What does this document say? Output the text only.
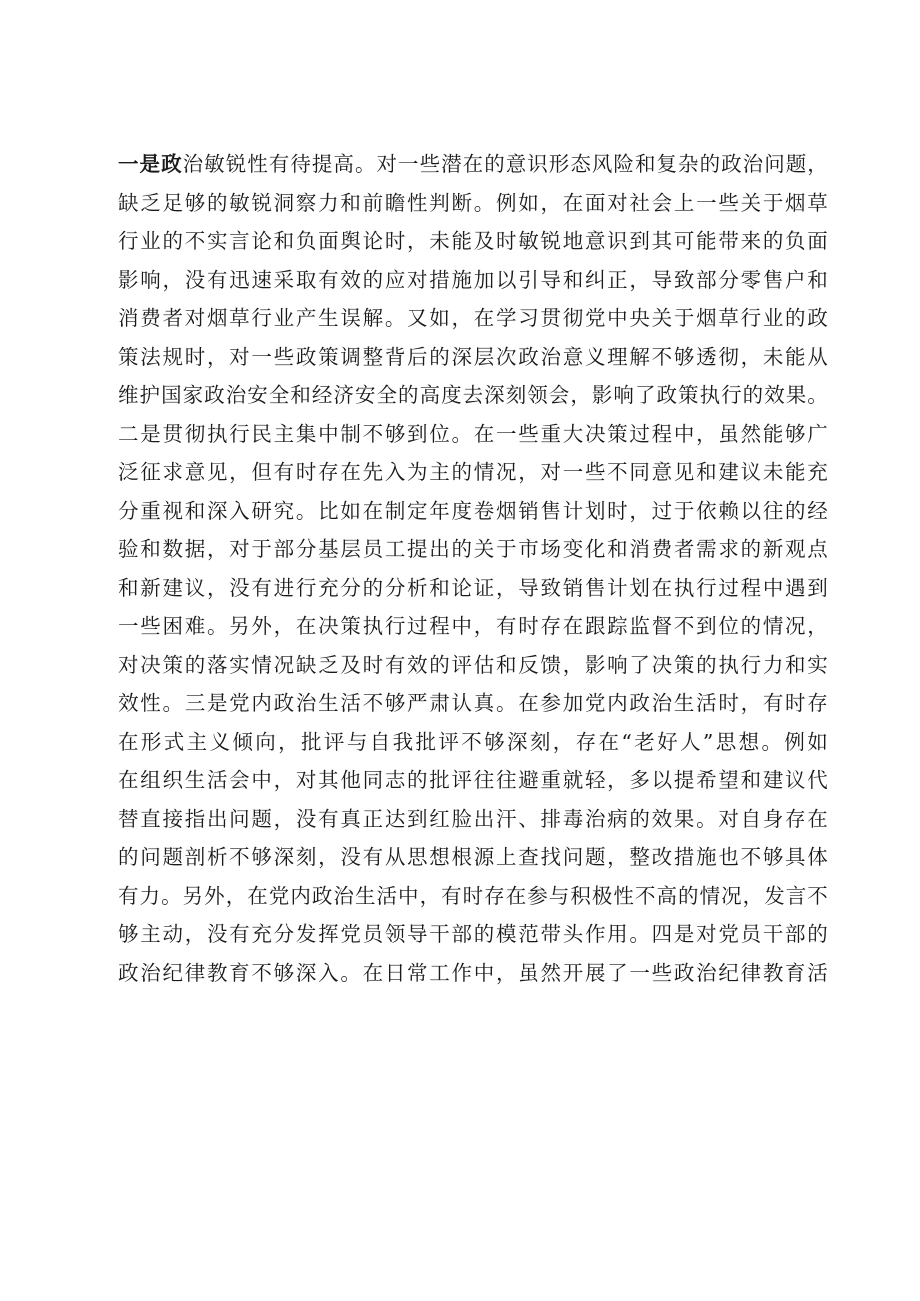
一是政治敏锐性有待提高。对一些潜在的意识形态风险和复杂的政治问题，
缺乏足够的敏锐洞察力和前瞻性判断。例如，在面对社会上一些关于烟草
行业的不实言论和负面舆论时，未能及时敏锐地意识到其可能带来的负面
影响，没有迅速采取有效的应对措施加以引导和纠正，导致部分零售户和
消费者对烟草行业产生误解。又如，在学习贯彻党中央关于烟草行业的政
策法规时，对一些政策调整背后的深层次政治意义理解不够透彻，未能从
维护国家政治安全和经济安全的高度去深刻领会，影响了政策执行的效果。
二是贯彻执行民主集中制不够到位。在一些重大决策过程中，虽然能够广
泛征求意见，但有时存在先入为主的情况，对一些不同意见和建议未能充
分重视和深入研究。比如在制定年度卷烟销售计划时，过于依赖以往的经
验和数据，对于部分基层员工提出的关于市场变化和消费者需求的新观点
和新建议，没有进行充分的分析和论证，导致销售计划在执行过程中遇到
一些困难。另外，在决策执行过程中，有时存在跟踪监督不到位的情况，
对决策的落实情况缺乏及时有效的评估和反馈，影响了决策的执行力和实
效性。三是党内政治生活不够严肃认真。在参加党内政治生活时，有时存
在形式主义倾向，批评与自我批评不够深刻，存在“老好人”思想。例如
在组织生活会中，对其他同志的批评往往避重就轻，多以提希望和建议代
替直接指出问题，没有真正达到红脸出汗、排毒治病的效果。对自身存在
的问题剖析不够深刻，没有从思想根源上查找问题，整改措施也不够具体
有力。另外，在党内政治生活中，有时存在参与积极性不高的情况，发言不
够主动，没有充分发挥党员领导干部的模范带头作用。四是对党员干部的
政治纪律教育不够深入。在日常工作中，虽然开展了一些政治纪律教育活
